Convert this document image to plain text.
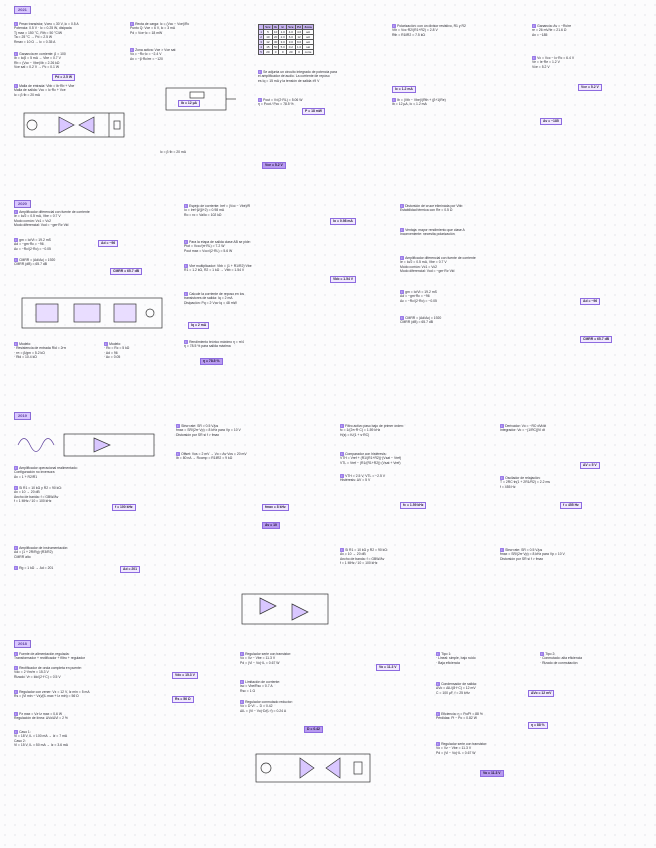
2021
• Pmax transistor, Vceo = 30 V, Ic = 0.5 A
Potencia: 0.5 V · Ic = 0.25 W, disipada
Tj max = 150 °C, Rth = 50 °C/W
Ta = 25 °C → Pd = 2.5 W
Rmax = 10 Ω → Ic = 0.35 A
• Ganancia en corriente: β = 100
Ib = Ic/β = 5 mA → Vbe = 0.7 V
Rb = (Vcc − Vbe)/Ib = 2.26 kΩ
Vce sat = 0.2 V → Pc = 0.1 W
Pd = 2.5 W
• Malla de entrada: Vbb = Ib·Rb + Vbe
Malla de salida: Vcc = Ic·Rc + Vce
Ic = β·Ib = 20 mA
• Recta de carga: Ic = (Vcc − Vce)/Rc
Punto Q: Vce = 6 V, Ic = 3 mA
Pd = Vce·Ic = 18 mW
• Zona activa: Vce > Vce sat
Vo = −Rc·Ic = −2.4 V
Av = −β·Rc/rπ = −120
Ib = 12 µA
	Vcc	Ib	Ic	Vce	Pd	Zona
1	5	10	1.0	4.0	4.0	act
2	10	20	2.0	6.0	12	act
3	12	30	3.0	3.0	9.0	act
4	15	50	5.0	0.2	1.0	sat
5	20	0	0	20	0	corte
• Se adjunta un circuito integrado de potencia para
el amplificador de audio. La corriente de reposo
es Iq = 15 mA y la tensión de salida ±9 V
• Pout = V²/(2·RL) = 5.06 W
η = Pout / Pcc = 78.5 %
P = 18 mW
• Polarización: con un divisor resistivo, R1 y R2
Vth = Vcc·R2/(R1+R2) = 2.8 V
Rth = R1‖R2 = 7.5 kΩ
Ic = 1.2 mA
• Ib = (Vth − Vbe)/(Rth + (β+1)Re)
Ib = 12 µA, Ic = 1.2 mA
• Ganancia: Av = −Rc/re
re = 26 mV/Ie = 21.6 Ω
Av = −185
• Vc = Vcc − Ic·Rc = 6.4 V
Ve = Ie·Re = 1.2 V
Vce = 5.2 V
Vce = 5.2 V
Av = −185
Ic = β·Ib = 20 mA
Vce = 5.2 V
2020
• Amplificador diferencial con fuente de corriente
Ie = Io/2 = 0.5 mA, Vbe = 0.7 V
Modo común: Vc1 = Vc2
Modo diferencial: Vod = −gm·Rc·Vid
• gm = Ic/Vt = 19.2 mS
Ad = −gm·Rc = −96
Ac = −Rc/(2·Ro) = −0.05
Ad = −96
• CMRR = |Ad/Ac| = 1920
CMRR (dB) = 65.7 dB
CMRR = 65.7 dB
• Modelo:
· Resistencia de entrada Rid = 2rπ
· rπ = β/gm = 5.2 kΩ
· Rid = 10.4 kΩ
• Modelo:
· Ro = Rc = 5 kΩ
· Ad = 96
· Ac = 0.05
• Espejo de corriente: Iref = (Vcc − Vbe)/R
Io = Iref·β/(β+2) = 0.98 mA
Ro = ro = Va/Io = 102 kΩ
Io = 0.98 mA
• Para la etapa de salida clase AB se pide:
Ptot = Vcc²/(π·RL) = 7.2 W
Pout max = Vcc²/(2·RL) = 5.6 W
• Vbe multiplicador: Vbb = (1 + R1/R2)·Vbe
R1 = 1.2 kΩ, R2 = 1 kΩ → Vbb = 1.54 V
Vbb = 1.54 V
• Calcule la corriente de reposo en los
transistores de salida: Iq = 2 mA
Disipación: Pq = 2·Vcc·Iq = 48 mW
Iq = 2 mA
• Rendimiento teórico máximo η = π/4
η = 78.5 % para salida máxima
η = 78.5 %
• Distorsión de cruce eliminada por Vbb
Estabilidad térmica con Re = 0.5 Ω
• Ventaja: mayor rendimiento que clase A
Inconveniente: necesita polarización
• Amplificador diferencial con fuente de corriente
Ie = Io/2 = 0.5 mA, Vbe = 0.7 V
Modo común: Vc1 = Vc2
Modo diferencial: Vod = −gm·Rc·Vid
• gm = Ic/Vt = 19.2 mS
Ad = −gm·Rc = −96
Ac = −Rc/(2·Ro) = −0.05	Ad = −96
• CMRR = |Ad/Ac| = 1920
CMRR (dB) = 65.7 dB
CMRR = 65.7 dB
2019
• Amplificador operacional realimentado:
Configuración no inversora
Av = 1 + R2/R1
• Si R1 = 10 kΩ y R2 = 90 kΩ:
Av = 10 → 20 dB
Ancho de banda: f = GBW/Av
f = 1 MHz / 10 = 100 kHz
f = 100 kHz
• Slew rate: SR = 0.5 V/µs
fmax = SR/(2π·Vp) = 8 kHz para Vp = 10 V
Distorsión por SR si f > fmax
• Offset: Vos = 2 mV → Vo = Av·Vos = 20 mV
Ib = 80 nA → Rcomp = R1‖R2 = 9 kΩ
fmax = 8 kHz
Av = 10
• Filtro activo paso bajo de primer orden:
fc = 1/(2π·R·C) = 1.59 kHz
H(s) = K/(1 + s·RC)
• Comparador con histéresis:
VTH = Vref + (R1/(R1+R2))·(Vsat − Vref)
VTL = Vref − (R1/(R1+R2))·(Vsat + Vref)
• VTH = 2.5 V, VTL = −2.5 V
Histéresis: ΔV = 5 V
fc = 1.59 kHz
• Derivador: Vo = −RC·dVi/dt
Integrador: Vo = −(1/RC)∫Vi dt
ΔV = 5 V
• Oscilador de relajación:
T = 2RC·ln(1 + 2R1/R2) = 2.2 ms
f = 455 Hz
f = 455 Hz
• Amplificador de instrumentación:
Ad = (1 + 2R/Rg)·(R3/R2)
CMRR alto
• Rg = 1 kΩ → Ad = 201	Ad = 201
• Si R1 = 10 kΩ y R2 = 90 kΩ:
Av = 10 → 20 dB
Ancho de banda: f = GBW/Av
f = 1 MHz / 10 = 100 kHz
• Slew rate: SR = 0.5 V/µs
fmax = SR/(2π·Vp) = 8 kHz para Vp = 10 V
Distorsión por SR si f > fmax
2018
• Fuente de alimentación regulada:
Transformador + rectificador + filtro + regulador
• Rectificador de onda completa en puente:
Vdc = 2·Vm/π = 15.3 V
Rizado: Vr = Idc/(2·f·C) = 0.5 V	Vdc = 15.3 V
• Regulador con zener: Vz = 12 V, Iz min = 5 mA
Rs = (Vi min − Vz)/(IL max + Iz min) = 56 Ω
Rs = 56 Ω
• Pz max = Vz·Iz max = 0.6 W
Regulación de línea: ΔVo/ΔVi = 2 %
• Caso 1:
Vi = 18 V, IL = 100 mA → Iz = 7 mA
Caso 2:
Vi = 15 V, IL = 50 mA → Iz = 3.6 mA
• Regulador serie con transistor:
Vo = Vz − Vbe = 11.3 V
Pd = (Vi − Vo)·IL = 0.67 W
Vo = 11.3 V
• Limitación de corriente:
Isc = Vbe/Rsc = 0.7 A
Rsc = 1 Ω
• Regulador conmutado reductor:
Vo = D·Vi → D = 0.42
ΔIL = (Vi − Vo)·D/(L·f) = 0.24 A
D = 0.42
• Tipo 1:
· Lineal: simple, bajo ruido
· Baja eficiencia
• Tipo 2:
· Conmutado: alta eficiencia
· Rizado de conmutación
• Condensador de salida:
ΔVo = ΔIL/(8·f·C) = 12 mV
C = 100 µF, f = 25 kHz	ΔVo = 12 mV
• Eficiencia: η = Po/Pi = 88 %
Pérdidas: Pi − Po = 0.82 W
η = 88 %
• Regulador serie con transistor:
Vo = Vz − Vbe = 11.3 V
Pd = (Vi − Vo)·IL = 0.67 W
Vo = 11.3 V
